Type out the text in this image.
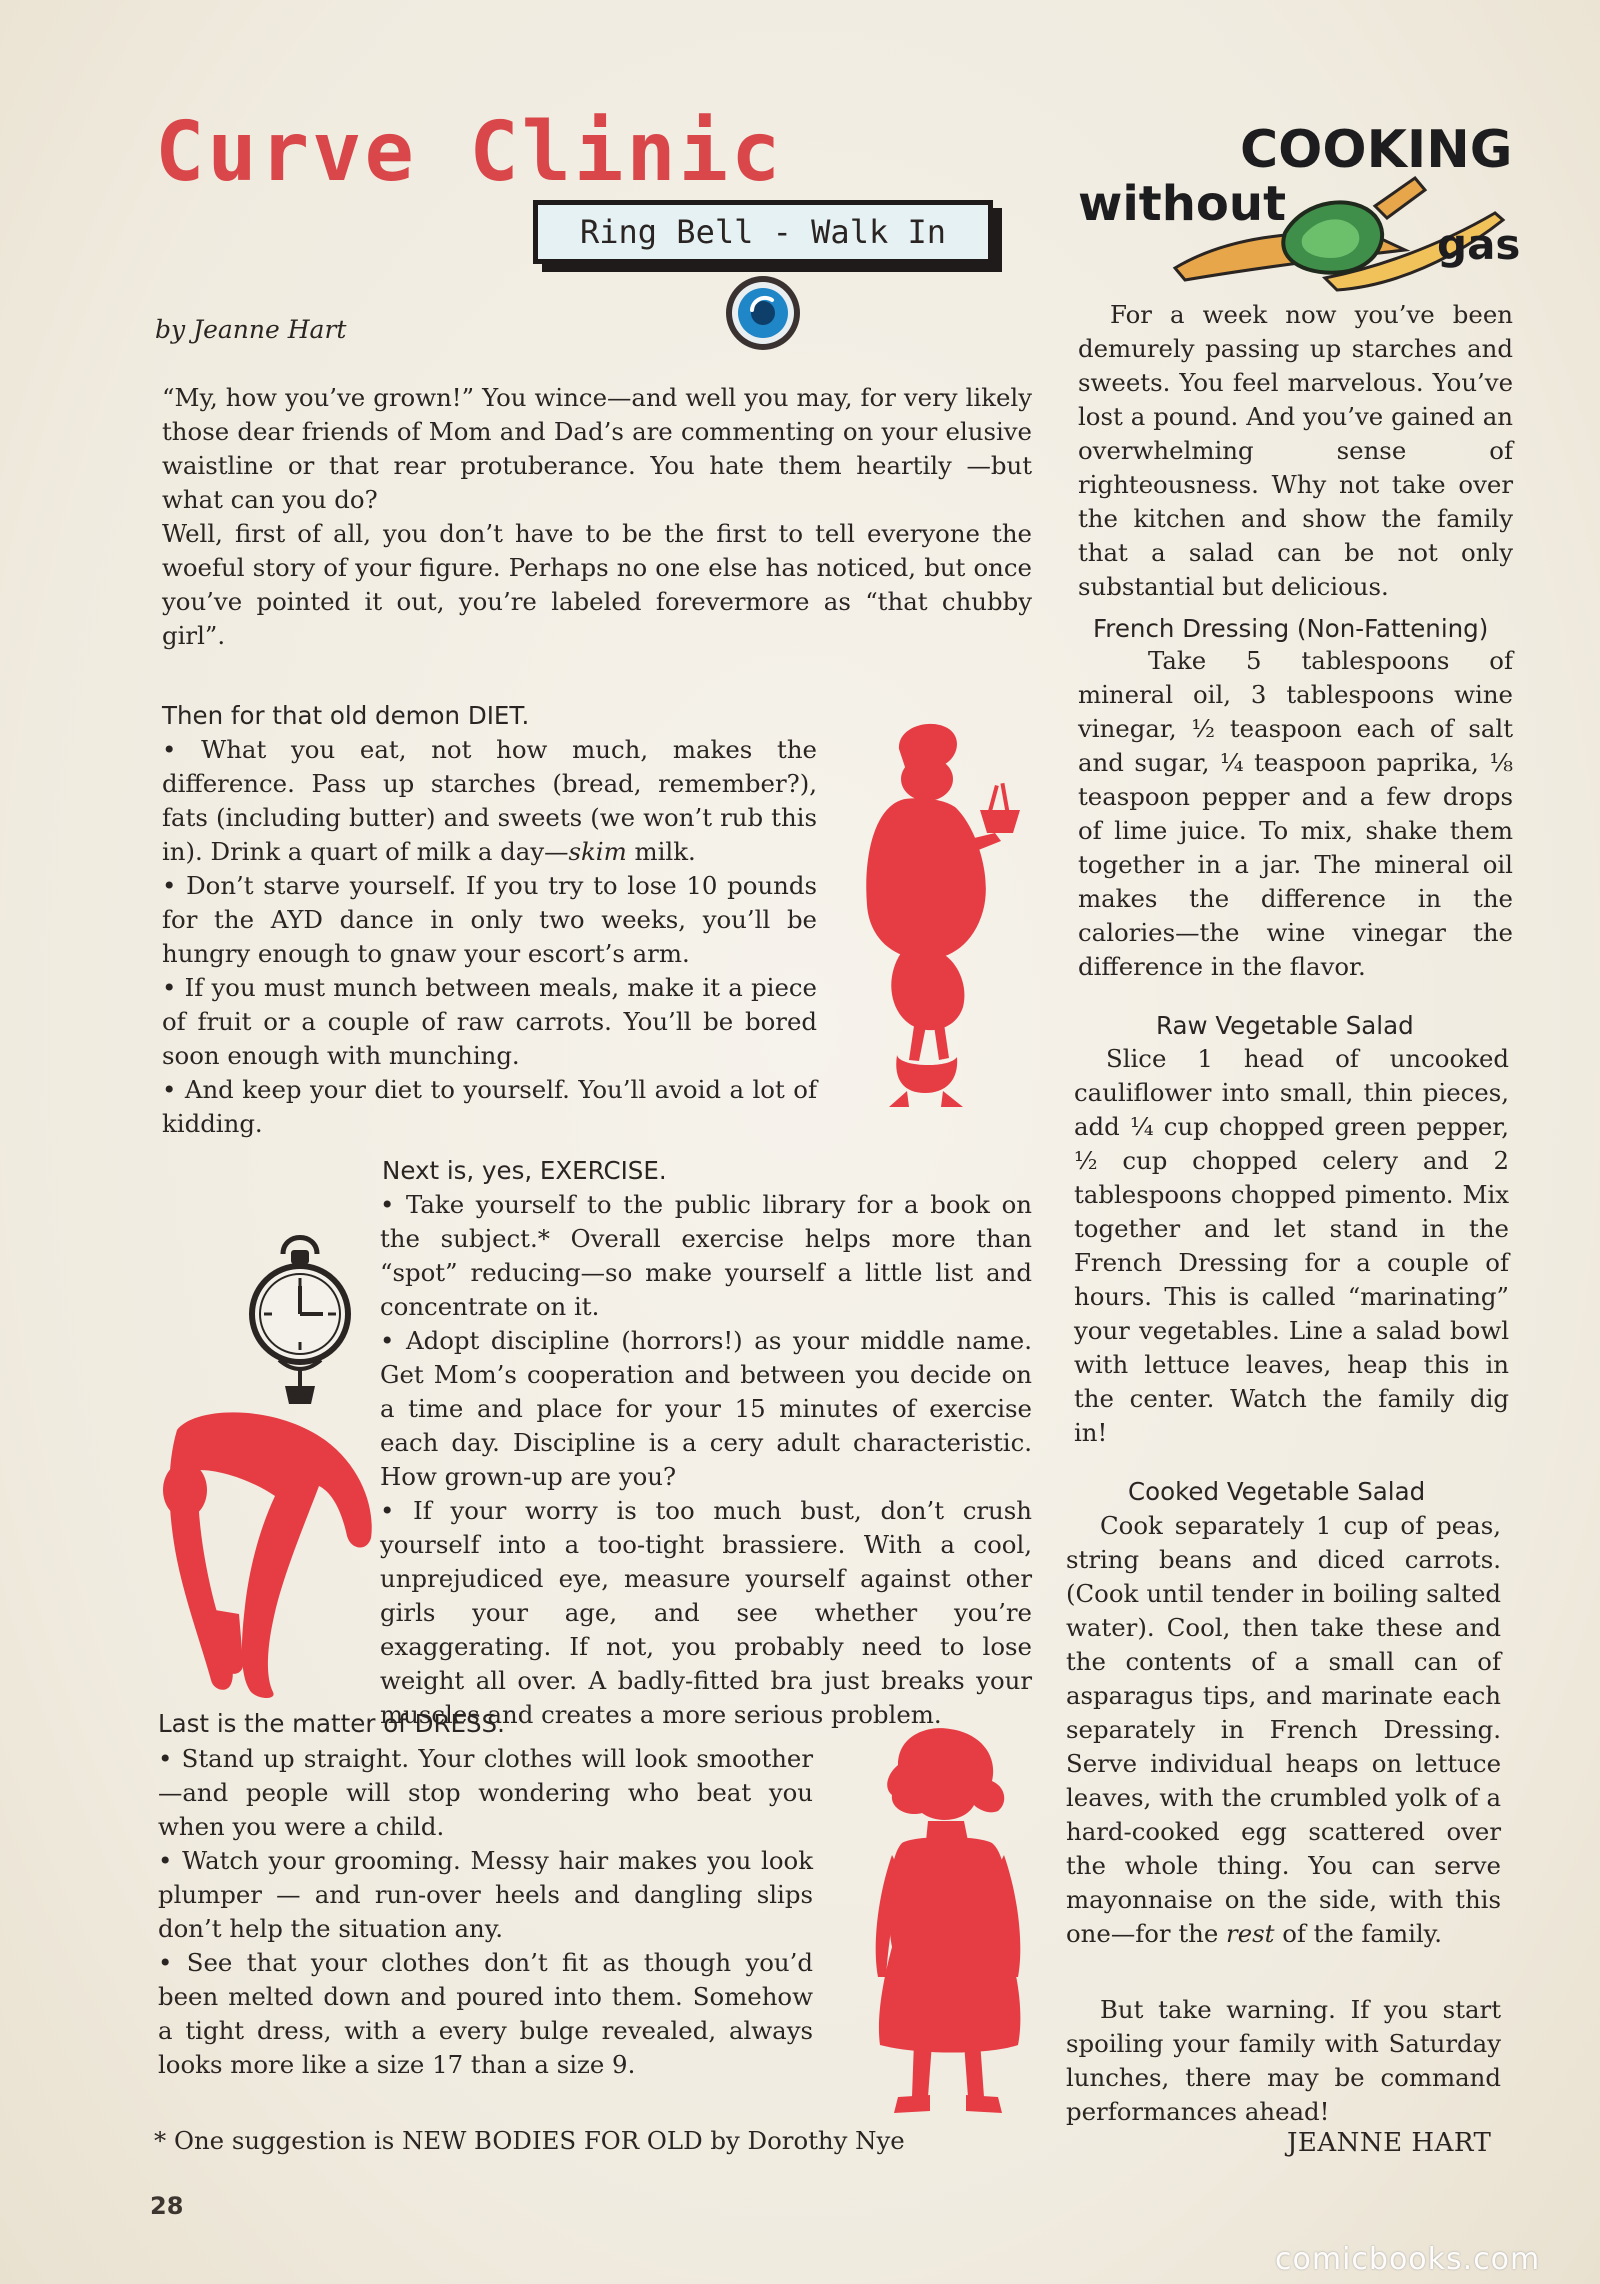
Curve Clinic
Ring Bell - Walk In
by Jeanne Hart

“My, how you’ve grown!” You wince—and well you may, for very likely those dear friends of Mom and Dad’s are commenting on your elusive waistline or that rear protuberance. You hate them heartily —but what can you do?

Well, first of all, you don’t have to be the first to tell everyone the woeful story of your figure. Perhaps no one else has noticed, but once you’ve pointed it out, you’re labeled forevermore as “that chubby girl”.

Then for that old demon DIET.

• What you eat, not how much, makes the difference. Pass up starches (bread, remember?), fats (including butter) and sweets (we won’t rub this in). Drink a quart of milk a day—skim milk.

• Don’t starve yourself. If you try to lose 10 pounds for the AYD dance in only two weeks, you’ll be hungry enough to gnaw your escort’s arm.

• If you must munch between meals, make it a piece of fruit or a couple of raw carrots. You’ll be bored soon enough with munching.

• And keep your diet to yourself. You’ll avoid a lot of kidding.

Next is, yes, EXERCISE.

• Take yourself to the public library for a book on the subject.* Overall exercise helps more than “spot” reducing—so make yourself a little list and concentrate on it.

• Adopt discipline (horrors!) as your middle name. Get Mom’s cooperation and between you decide on a time and place for your 15 minutes of exercise each day. Discipline is a cery adult characteristic. How grown-up are you?

• If your worry is too much bust, don’t crush yourself into a too-tight brassiere. With a cool, unprejudiced eye, measure yourself against other girls your age, and see whether you’re exaggerating. If not, you probably need to lose weight all over. A badly-fitted bra just breaks your muscles and creates a more serious problem.

Last is the matter of DRESS.

• Stand up straight. Your clothes will look smoother—and people will stop wondering who beat you when you were a child.

• Watch your grooming. Messy hair makes you look plumper — and run-over heels and dangling slips don’t help the situation any.

• See that your clothes don’t fit as though you’d been melted down and poured into them. Somehow a tight dress, with a every bulge revealed, always looks more like a size 17 than a size 9.

* One suggestion is NEW BODIES FOR OLD by Dorothy Nye
28
COOKING
without
gas

For a week now you’ve been demurely passing up starches and sweets. You feel marvelous. You’ve lost a pound. And you’ve gained an overwhelming sense of righteousness. Why not take over the kitchen and show the family that a salad can be not only substantial but delicious.

French Dressing (Non-Fattening)

Take 5 tablespoons of mineral oil, 3 tablespoons wine vinegar, ½ teaspoon each of salt and sugar, ¼ teaspoon paprika, ⅛ teaspoon pepper and a few drops of lime juice. To mix, shake them together in a jar. The mineral oil makes the difference in the calories—the wine vinegar the difference in the flavor.

Raw Vegetable Salad

Slice 1 head of uncooked cauliflower into small, thin pieces, add ¼ cup chopped green pepper, ½ cup chopped celery and 2 tablespoons chopped pimento. Mix together and let stand in the French Dressing for a couple of hours. This is called “marinating” your vegetables. Line a salad bowl with lettuce leaves, heap this in the center. Watch the family dig in!

Cooked Vegetable Salad

Cook separately 1 cup of peas, string beans and diced carrots. (Cook until tender in boiling salted water). Cool, then take these and the contents of a small can of asparagus tips, and marinate each separately in French Dressing. Serve individual heaps on lettuce leaves, with the crumbled yolk of a hard-cooked egg scattered over the whole thing. You can serve mayonnaise on the side, with this one—for the rest of the family.

But take warning. If you start spoiling your family with Saturday lunches, there may be command performances ahead!

JEANNE HART
comicbooks.com
